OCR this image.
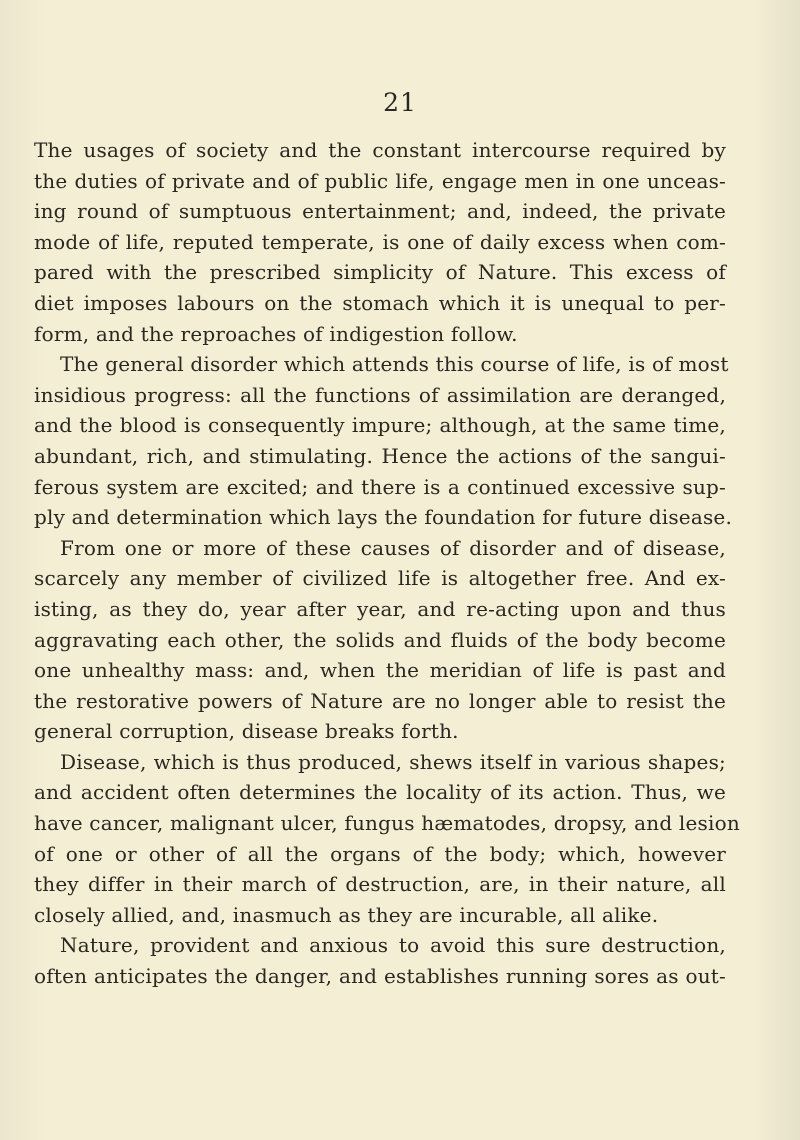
21
The usages of society and the constant intercourse required by
the duties of private and of public life, engage men in one unceas-
ing round of sumptuous entertainment; and, indeed, the private
mode of life, reputed temperate, is one of daily excess when com-
pared with the prescribed simplicity of Nature. This excess of
diet imposes labours on the stomach which it is unequal to per-
form, and the reproaches of indigestion follow.
The general disorder which attends this course of life, is of most
insidious progress: all the functions of assimilation are deranged,
and the blood is consequently impure; although, at the same time,
abundant, rich, and stimulating. Hence the actions of the sangui-
ferous system are excited; and there is a continued excessive sup-
ply and determination which lays the foundation for future disease.
From one or more of these causes of disorder and of disease,
scarcely any member of civilized life is altogether free. And ex-
isting, as they do, year after year, and re-acting upon and thus
aggravating each other, the solids and fluids of the body become
one unhealthy mass: and, when the meridian of life is past and
the restorative powers of Nature are no longer able to resist the
general corruption, disease breaks forth.
Disease, which is thus produced, shews itself in various shapes;
and accident often determines the locality of its action. Thus, we
have cancer, malignant ulcer, fungus hæmatodes, dropsy, and lesion
of one or other of all the organs of the body; which, however
they differ in their march of destruction, are, in their nature, all
closely allied, and, inasmuch as they are incurable, all alike.
Nature, provident and anxious to avoid this sure destruction,
often anticipates the danger, and establishes running sores as out-
